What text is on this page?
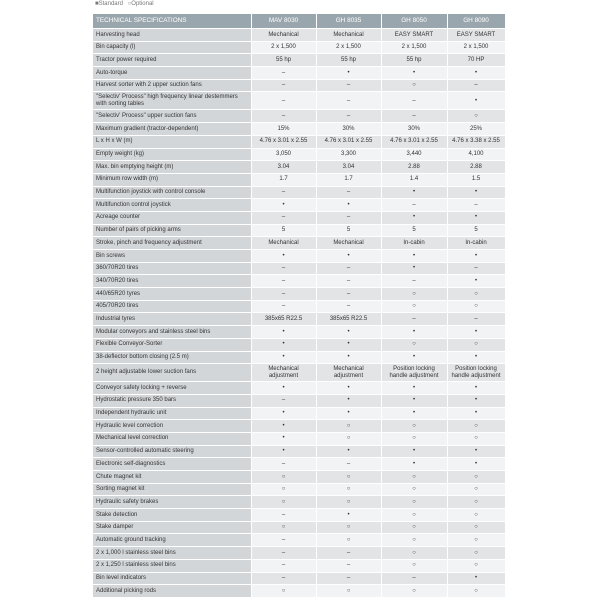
■Standard ○Optional
TECHNICAL SPECIFICATIONS	MAV 8030	GH 8035	GH 8050	GH 8090
Harvesting head	Mechanical	Mechanical	EASY SMART	EASY SMART
Bin capacity (l)	2 x 1,500	2 x 1,500	2 x 1,500	2 x 1,500
Tractor power required	55 hp	55 hp	55 hp	70 HP
Auto-torque	–	•	•	•
Harvest sorter with 2 upper suction fans	–	–	○	–
"Selectiv' Process" high frequency linear destemmers with sorting tables	–	–	–	•
"Selectiv' Process" upper suction fans	–	–	–	○
Maximum gradient (tractor-dependent)	15%	30%	30%	25%
L x H x W (m)	4.76 x 3.01 x 2.55	4.76 x 3.01 x 2.55	4.76 x 3.01 x 2.55	4.76 x 3.38 x 2.55
Empty weight (kg)	3,050	3,300	3,440	4,100
Max. bin emptying height (m)	3.04	3.04	2.88	2.88
Minimum row width (m)	1.7	1.7	1.4	1.5
Multifunction joystick with control console	–	–	•	•
Multifunction control joystick	•	•	–	–
Acreage counter	–	–	•	•
Number of pairs of picking arms	5	5	5	5
Stroke, pinch and frequency adjustment	Mechanical	Mechanical	In-cabin	In-cabin
Bin screws	•	•	•	•
360/70R20 tires	–	–	•	–
340/70R20 tires	–	–	–	•
440/65R20 tyres	–	–	○	○
405/70R20 tires	–	–	○	○
Industrial tyres	385x65 R22.5	385x65 R22.5	–	–
Modular conveyors and stainless steel bins	•	•	•	•
Flexible Conveyor-Sorter	•	•	○	○
38-deflector bottom closing (2.5 m)	•	•	•	•
2 height adjustable lower suction fans	Mechanical adjustment	Mechanical adjustment	Position locking handle adjustment	Position locking handle adjustment
Conveyor safety locking + reverse	•	•	•	•
Hydrostatic pressure 350 bars	–	•	•	•
Independent hydraulic unit	•	•	•	•
Hydraulic level correction	•	○	○	○
Mechanical level correction	•	○	○	○
Sensor-controlled automatic steering	•	•	•	•
Electronic self-diagnostics	–	–	•	•
Chute magnet kit	○	○	○	○
Sorting magnet kit	○	○	○	○
Hydraulic safety brakes	○	○	○	○
Stake detection	–	•	○	○
Stake damper	○	○	○	○
Automatic ground tracking	–	○	○	○
2 x 1,000 l stainless steel bins	–	–	○	○
2 x 1,250 l stainless steel bins	–	–	○	○
Bin level indicators	–	–	–	•
Additional picking rods	○	○	○	○
